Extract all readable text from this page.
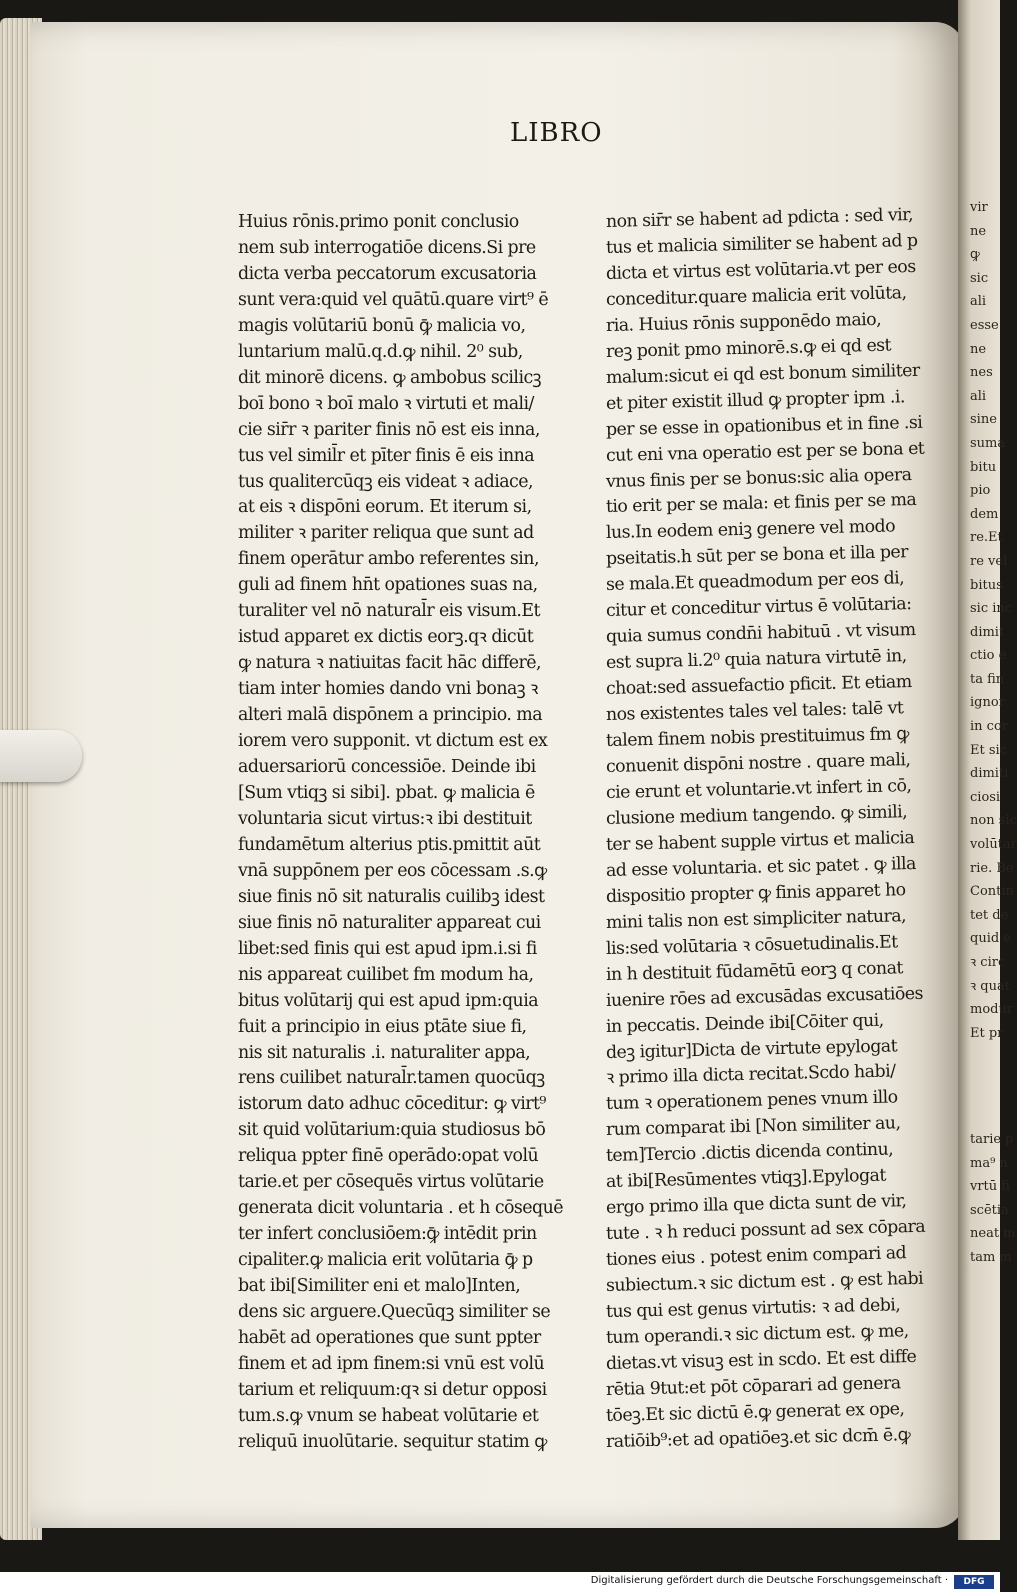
vir
ne
ꝙ
sic
ali
esse
ne
nes
ali
sine
suma
bitu
pio
dem
re.Et
re vel
bitus
sic inc
dimit
ctio e
ta fin
ignor
in cor
Et sic
dimiti
ciosi
non sic
volūtar
rie. Be
Contin
tet de
quid e
ꝛ circ
ꝛ quat
modur
Et pr
tarie p
ma⁹ n
vrtū fi
scētia
neat m
tam m
LIBRO
Huius rōnis.primo ponit conclusio
nem sub interrogatiōe dicens.Si pre
dicta verba peccatorum excusatoria
sunt vera:quid vel quātū.quare virt⁹ ē
magis volūtariū bonū ꝙ̄ malicia vo,
luntarium malū.q.d.ꝙ nihil. 2⁰ sub,
dit minorē dicens. ꝙ ambobus scilicꝫ
boī bono ꝛ boī malo ꝛ virtuti et mali/
cie sir̄r ꝛ pariter finis nō est eis inna,
tus vel simil̄r et pīter finis ē eis inna
tus qualitercūqꝫ eis videat ꝛ adiace,
at eis ꝛ dispōni eorum. Et iterum si,
militer ꝛ pariter reliqua que sunt ad
finem operātur ambo referentes sin,
guli ad finem hn̄t opationes suas na,
turaliter vel nō natural̄r eis visum.Et
istud apparet ex dictis eorꝫ.qꝛ dicūt
ꝙ natura ꝛ natiuitas facit hāc differē,
tiam inter homies dando vni bonaꝫ ꝛ
alteri malā dispōnem a principio. ma
iorem vero supponit. vt dictum est ex
aduersariorū concessiōe. Deinde ibi
[Sum vtiqꝫ si sibi]. pbat. ꝙ malicia ē
voluntaria sicut virtus:ꝛ ibi destituit
fundamētum alterius ptis.pmittit aūt
vnā suppōnem per eos cōcessam .s.ꝙ
siue finis nō sit naturalis cuilibꝫ idest
siue finis nō naturaliter appareat cui
libet:sed finis qui est apud ipm.i.si fi
nis appareat cuilibet fm modum ha,
bitus volūtarij qui est apud ipm:quia
fuit a principio in eius ptāte siue fi,
nis sit naturalis .i. naturaliter appa,
rens cuilibet natural̄r.tamen quocūqꝫ
istorum dato adhuc cōceditur: ꝙ virt⁹
sit quid volūtarium:quia studiosus bō
reliqua ppter finē operādo:opat volū
tarie.et per cōsequēs virtus volūtarie
generata dicit voluntaria . et h cōsequē
ter infert conclusiōem:ꝙ̄ intēdit prin
cipaliter.ꝙ malicia erit volūtaria ꝙ̄ p
bat ibi[Similiter eni et malo]Inten,
dens sic arguere.Quecūqꝫ similiter se
habēt ad operationes que sunt ppter
finem et ad ipm finem:si vnū est volū
tarium et reliquum:qꝛ si detur opposi
tum.s.ꝙ vnum se habeat volūtarie et
reliquū inuolūtarie. sequitur statim ꝙ
non sir̄r se habent ad pdicta : sed vir,
tus et malicia similiter se habent ad p
dicta et virtus est volūtaria.vt per eos
conceditur.quare malicia erit volūta,
ria. Huius rōnis supponēdo maio,
reꝫ ponit pmo minorē.s.ꝙ ei qd est
malum:sicut ei qd est bonum similiter
et piter existit illud ꝙ propter ipm .i.
per se esse in opationibus et in fine .si
cut eni vna operatio est per se bona et
vnus finis per se bonus:sic alia opera
tio erit per se mala: et finis per se ma
lus.In eodem eniꝫ genere vel modo
pseitatis.h sūt per se bona et illa per
se mala.Et queadmodum per eos di,
citur et conceditur virtus ē volūtaria:
quia sumus condn̄i habituū . vt visum
est supra li.2⁰ quia natura virtutē in,
choat:sed assuefactio pficit. Et etiam
nos existentes tales vel tales: talē vt
talem finem nobis prestituimus fm ꝙ
conuenit dispōni nostre . quare mali,
cie erunt et voluntarie.vt infert in cō,
clusione medium tangendo. ꝙ simili,
ter se habent supple virtus et malicia
ad esse voluntaria. et sic patet . ꝙ illa
dispositio propter ꝙ finis apparet ho
mini talis non est simpliciter natura,
lis:sed volūtaria ꝛ cōsuetudinalis.Et
in h destituit fūdamētū eorꝫ q conat
iuenire rōes ad excusādas excusatiōes
in peccatis. Deinde ibi[Cōiter qui,
deꝫ igitur]Dicta de virtute epylogat
ꝛ primo illa dicta recitat.Scdo habi/
tum ꝛ operationem penes vnum illo
rum comparat ibi [Non similiter au,
tem]Tercio .dictis dicenda continu,
at ibi[Resūmentes vtiqꝫ].Epylogat
ergo primo illa que dicta sunt de vir,
tute . ꝛ h reduci possunt ad sex cōpara
tiones eius . potest enim compari ad
subiectum.ꝛ sic dictum est . ꝙ est habi
tus qui est genus virtutis: ꝛ ad debi,
tum operandi.ꝛ sic dictum est. ꝙ me,
dietas.vt visuꝫ est in scdo. Et est diffe
rētia 9tut:et pōt cōparari ad genera
tōeꝫ.Et sic dictū ē.ꝙ generat ex ope,
ratiōib⁹:et ad opatiōeꝫ.et sic dcm̄ ē.ꝙ
Digitalisierung gefördert durch die Deutsche Forschungsgemeinschaft ·	DFG
